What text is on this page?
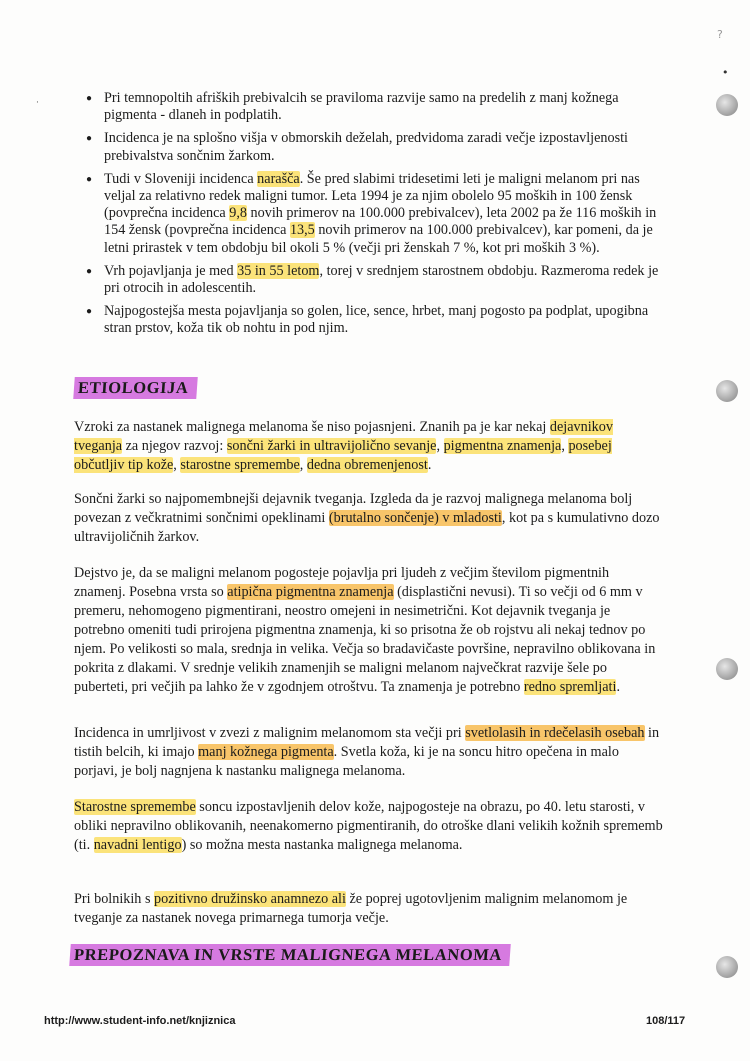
?
•
·
●	Pri temnopoltih afriških prebivalcih se praviloma razvije samo na predelih z manj kožnega pigmenta - dlaneh in podplatih.
● Incidenca je na splošno višja v obmorskih deželah, predvidoma zaradi večje izpostavljenosti prebivalstva sončnim žarkom.
● Tudi v Sloveniji incidenca narašča. Še pred slabimi tridesetimi leti je maligni melanom pri nas veljal za relativno redek maligni tumor. Leta 1994 je za njim obolelo 95 moških in 100 žensk (povprečna incidenca 9,8 novih primerov na 100.000 prebivalcev), leta 2002 pa že 116 moških in 154 žensk (povprečna incidenca 13,5 novih primerov na 100.000 prebivalcev), kar pomeni, da je letni prirastek v tem obdobju bil okoli 5 % (večji pri ženskah 7 %, kot pri moških 3 %).
● Vrh pojavljanja je med 35 in 55 letom, torej v srednjem starostnem obdobju. Razmeroma redek je pri otrocih in adolescentih.
● Najpogostejša mesta pojavljanja so golen, lice, sence, hrbet, manj pogosto pa podplat, upogibna stran prstov, koža tik ob nohtu in pod njim.
ETIOLOGIJA

Vzroki za nastanek malignega melanoma še niso pojasnjeni. Znanih pa je kar nekaj dejavnikov tveganja za njegov razvoj: sončni žarki in ultravijolično sevanje, pigmentna znamenja, posebej občutljiv tip kože, starostne spremembe, dedna obremenjenost.

Sončni žarki so najpomembnejši dejavnik tveganja. Izgleda da je razvoj malignega melanoma bolj povezan z večkratnimi sončnimi opeklinami (brutalno sončenje) v mladosti, kot pa s kumulativno dozo ultravijoličnih žarkov.

Dejstvo je, da se maligni melanom pogosteje pojavlja pri ljudeh z večjim številom pigmentnih znamenj. Posebna vrsta so atipična pigmentna znamenja (displastični nevusi). Ti so večji od 6 mm v premeru, nehomogeno pigmentirani, neostro omejeni in nesimetrični. Kot dejavnik tveganja je potrebno omeniti tudi prirojena pigmentna znamenja, ki so prisotna že ob rojstvu ali nekaj tednov po njem. Po velikosti so mala, srednja in velika. Večja so bradavičaste površine, nepravilno oblikovana in pokrita z dlakami. V srednje velikih znamenjih se maligni melanom največkrat razvije šele po puberteti, pri večjih pa lahko že v zgodnjem otroštvu. Ta znamenja je potrebno redno spremljati.

Incidenca in umrljivost v zvezi z malignim melanomom sta večji pri svetlolasih in rdečelasih osebah in tistih belcih, ki imajo manj kožnega pigmenta. Svetla koža, ki je na soncu hitro opečena in malo porjavi, je bolj nagnjena k nastanku malignega melanoma.

Starostne spremembe soncu izpostavljenih delov kože, najpogosteje na obrazu, po 40. letu starosti, v obliki nepravilno oblikovanih, neenakomerno pigmentiranih, do otroške dlani velikih kožnih sprememb (ti. navadni lentigo) so možna mesta nastanka malignega melanoma.

Pri bolnikih s pozitivno družinsko anamnezo ali že poprej ugotovljenim malignim melanomom je tveganje za nastanek novega primarnega tumorja večje.

PREPOZNAVA IN VRSTE MALIGNEGA MELANOMA
http://www.student-info.net/knjiznica	108/117
